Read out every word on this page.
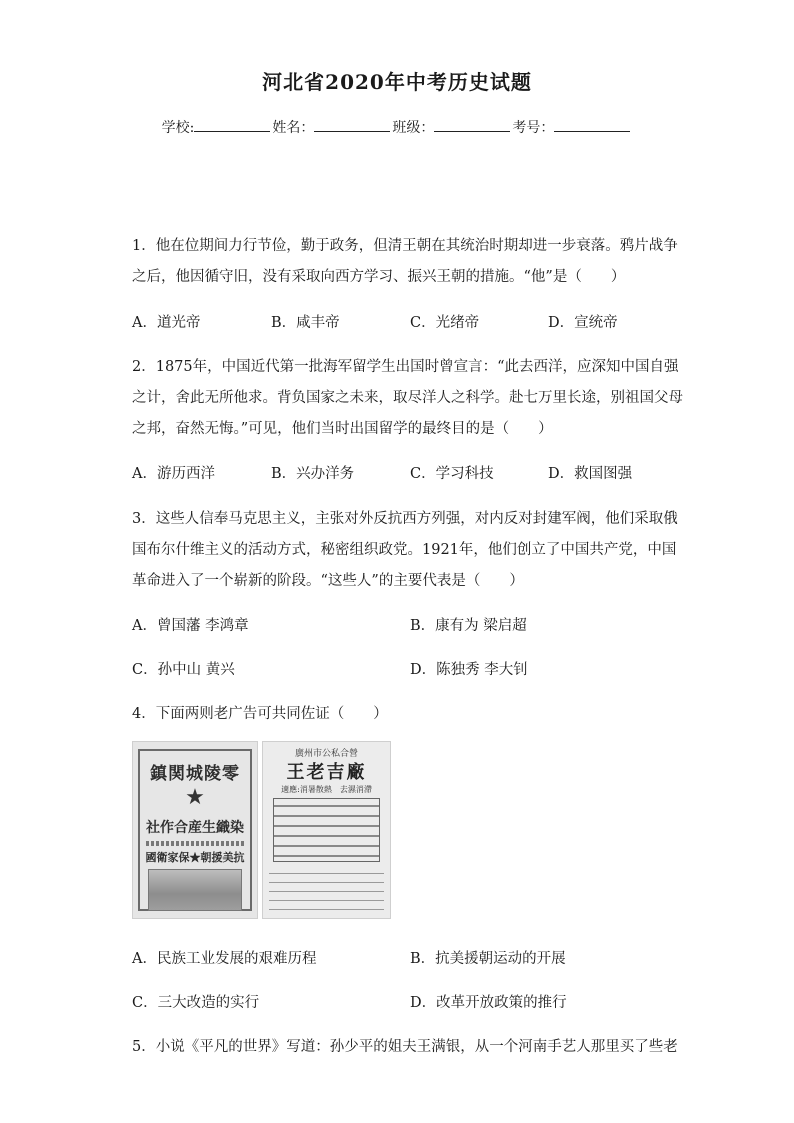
河北省2020年中考历史试题
学校:	姓名：	班级：	考号：
1．他在位期间力行节俭，勤于政务，但清王朝在其统治时期却进一步衰落。鸦片战争
之后，他因循守旧，没有采取向西方学习、振兴王朝的措施。“他”是（　　）
A．道光帝	B．咸丰帝	C．光绪帝	D．宣统帝
2．1875年，中国近代第一批海军留学生出国时曾宣言：“此去西洋，应深知中国自强
之计，舍此无所他求。背负国家之未来，取尽洋人之科学。赴七万里长途，别祖国父母
之邦，奋然无悔。”可见，他们当时出国留学的最终目的是（　　）
A．游历西洋	B．兴办洋务	C．学习科技	D．救国图强
3．这些人信奉马克思主义，主张对外反抗西方列强，对内反对封建军阀，他们采取俄
国布尔什维主义的活动方式，秘密组织政党。1921年，他们创立了中国共产党，中国
革命进入了一个崭新的阶段。“这些人”的主要代表是（　　）
A．曾国藩 李鸿章	B．康有为 梁启超
C．孙中山 黄兴	D．陈独秀 李大钊
4．下面两则老广告可共同佐证（　　）
鎮関城陵零
★
社作合産生織染
國衛家保★朝援美抗
廣州市公私合營
王老吉廠
適應:消暑散熱　去濕消滯
A．民族工业发展的艰难历程	B．抗美援朝运动的开展
C．三大改造的实行	D．改革开放政策的推行
5．小说《平凡的世界》写道：孙少平的姐夫王满银，从一个河南手艺人那里买了些老
